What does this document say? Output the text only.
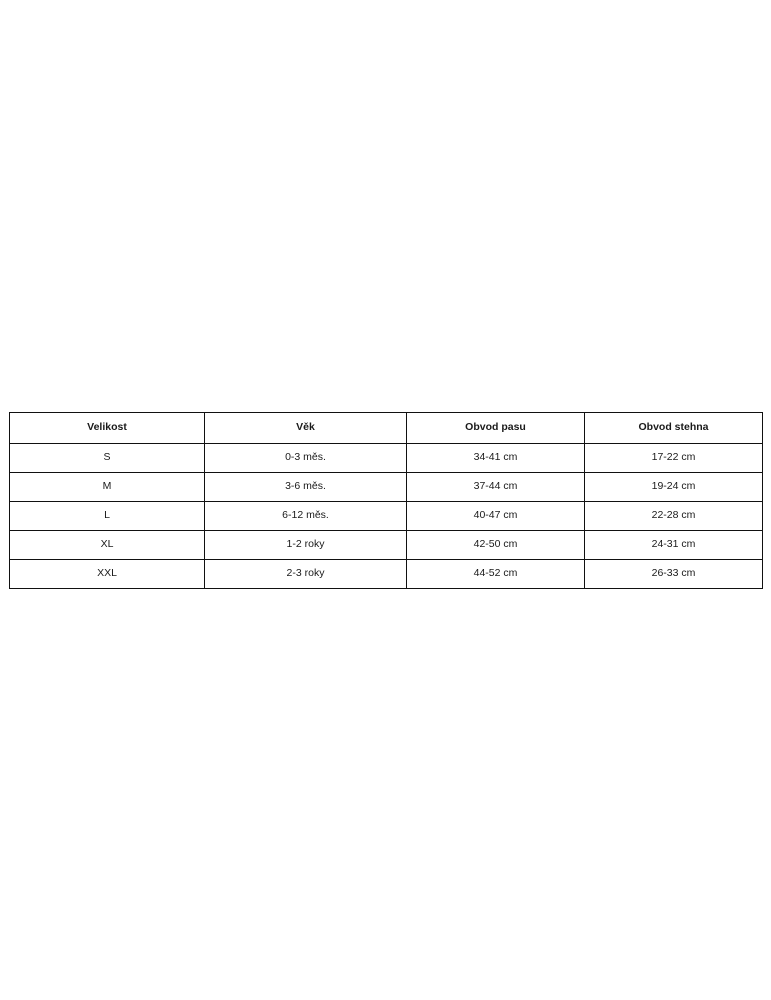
Velikost	Věk	Obvod pasu	Obvod stehna
S	0-3 měs.	34-41 cm	17-22 cm
M	3-6 měs.	37-44 cm	19-24 cm
L	6-12 měs.	40-47 cm	22-28 cm
XL	1-2 roky	42-50 cm	24-31 cm
XXL	2-3 roky	44-52 cm	26-33 cm
